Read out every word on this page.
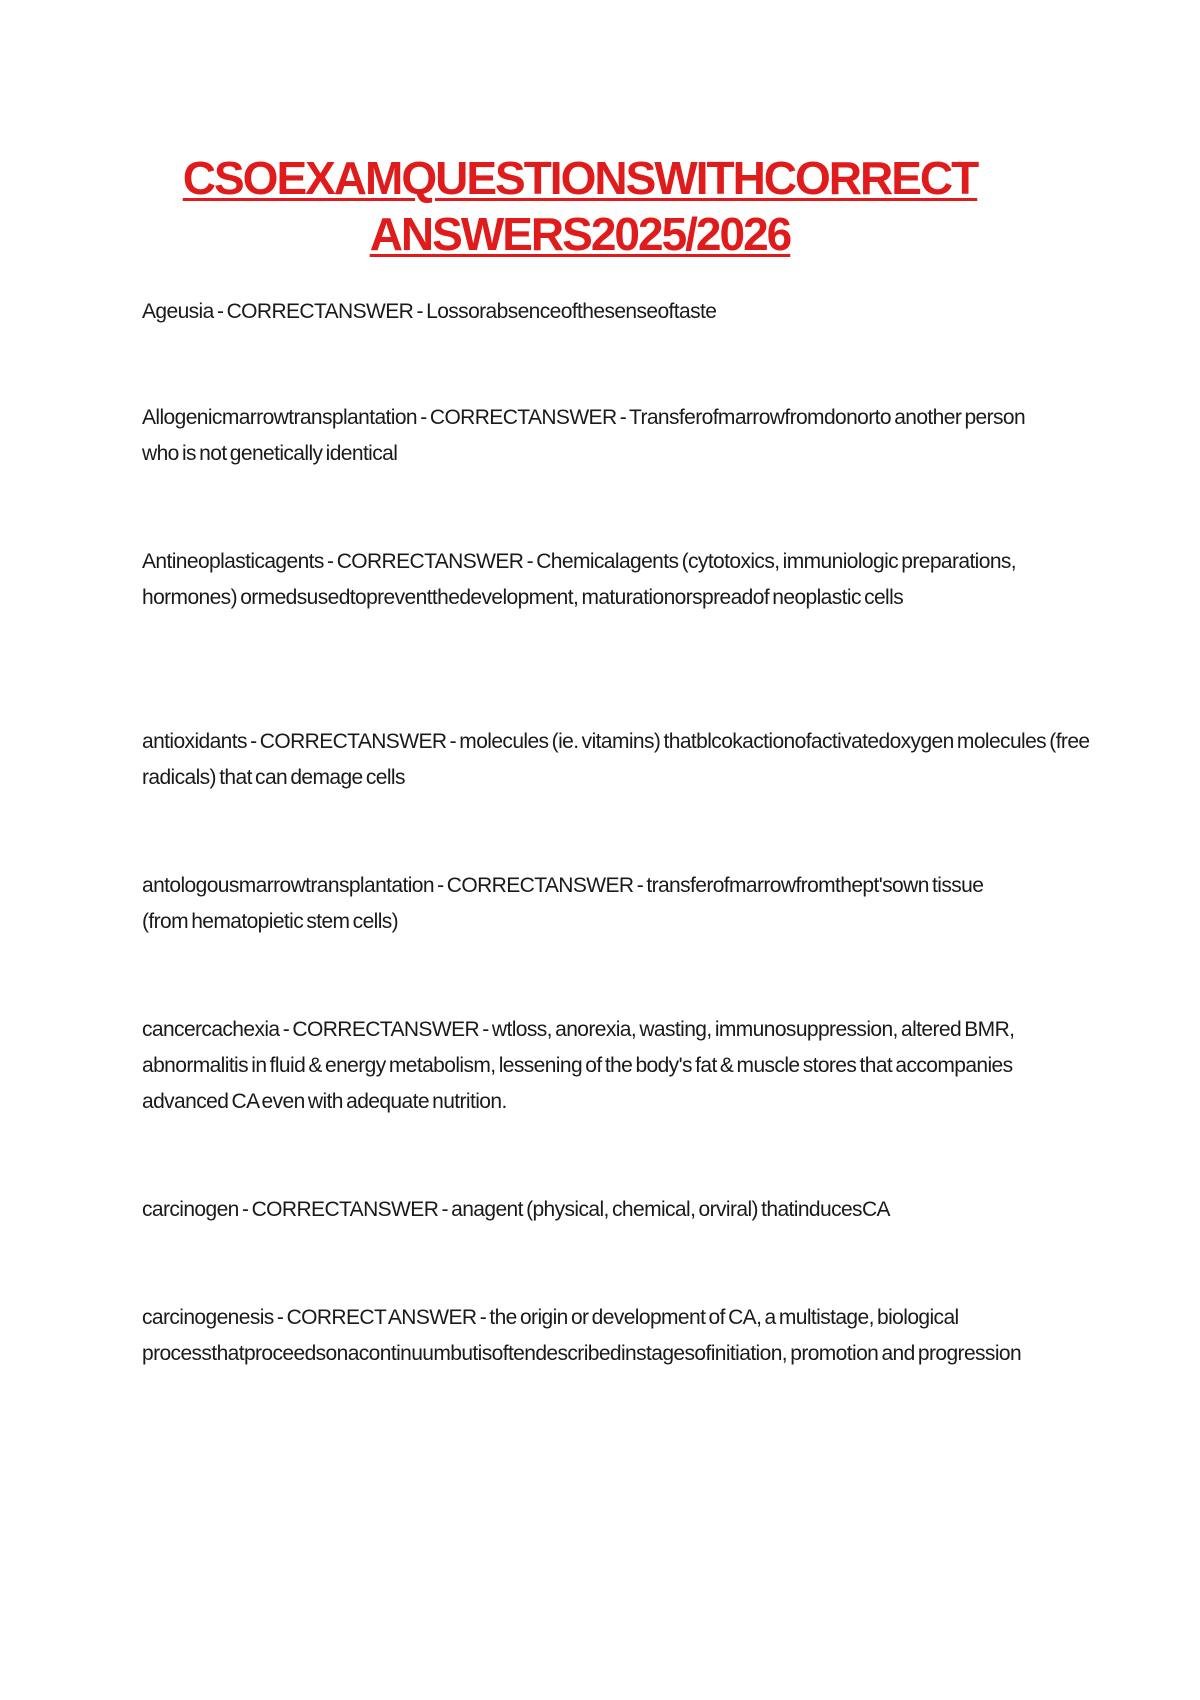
CSOEXAMQUESTIONSWITHCORRECT
ANSWERS2025/2026
Ageusia - CORRECTANSWER - Lossorabsenceofthesenseoftaste
Allogenicmarrowtransplantation - CORRECTANSWER - Transferofmarrowfromdonorto another person who is not genetically identical
Antineoplasticagents - CORRECTANSWER - Chemicalagents (cytotoxics, immuniologic preparations, hormones) ormedsusedtopreventthedevelopment, maturationorspreadof neoplastic cells
antioxidants - CORRECTANSWER - molecules (ie. vitamins) thatblcokactionofactivatedoxygen molecules (free radicals) that can demage cells
antologousmarrowtransplantation - CORRECTANSWER - transferofmarrowfromthept'sown tissue (from hematopietic stem cells)
cancercachexia - CORRECTANSWER - wtloss, anorexia, wasting, immunosuppression, altered BMR, abnormalitis in fluid & energy metabolism, lessening of the body's fat & muscle stores that accompanies advanced CA even with adequate nutrition.
carcinogen - CORRECTANSWER - anagent (physical, chemical, orviral) thatinducesCA
carcinogenesis - CORRECT ANSWER - the origin or development of CA, a multistage, biological processthatproceedsonacontinuumbutisoftendescribedinstagesofinitiation, promotion and progression
